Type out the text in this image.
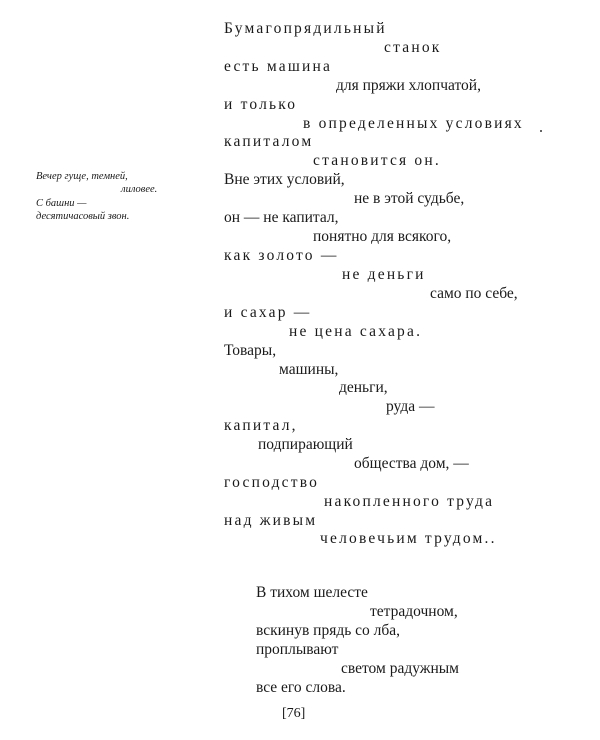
Вечер гуще, темней,
лиловее.
С башни —
десятичасовый звон.
Бумагопрядильный
станок
есть машина
для пряжи хлопчатой,
и только
в определенных условиях
капиталом
становится он.
Вне этих условий,
не в этой судьбе,
он — не капитал,
понятно для всякого,
как золото —
не деньги
само по себе,
и сахар —
не цена сахара.
Товары,
машины,
деньги,
руда —
капитал,
подпирающий
общества дом, —
господство
накопленного труда
над живым
человечьим трудом..
В тихом шелесте
тетрадочном,
вскинув прядь со лба,
проплывают
светом радужным
все его слова.
[76]
